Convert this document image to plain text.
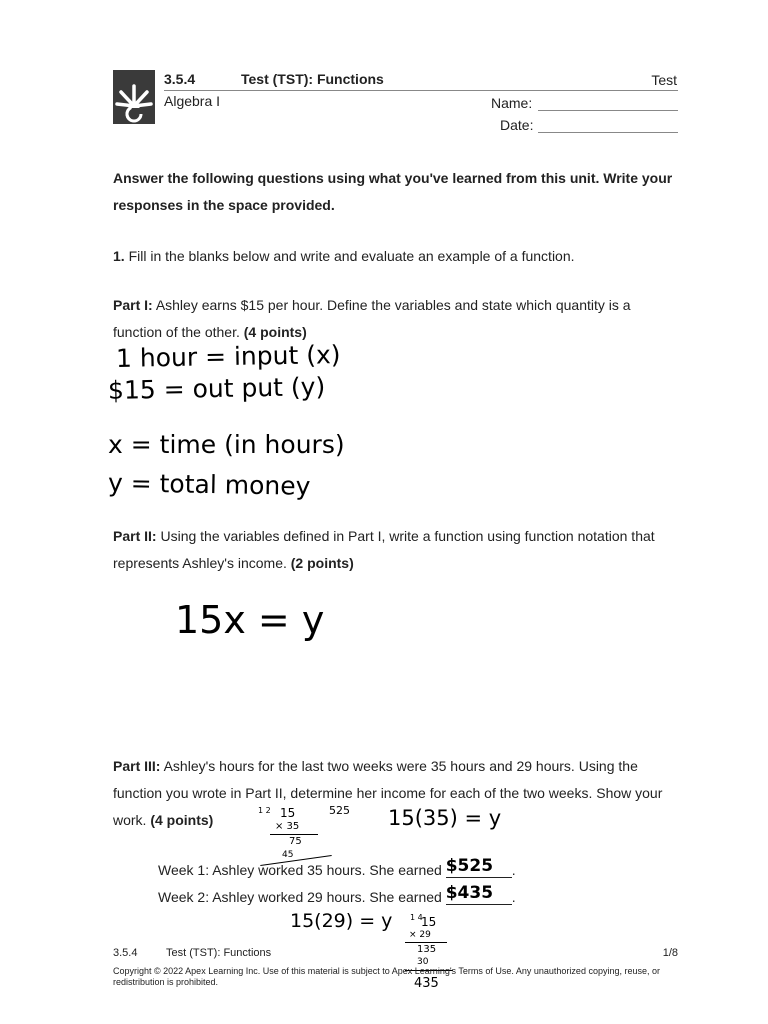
3.5.4	Test (TST): Functions	Test
Algebra I	Name:
Date:
Answer the following questions using what you've learned from this unit. Write your responses in the space provided.
1. Fill in the blanks below and write and evaluate an example of a function.
Part I: Ashley earns $15 per hour. Define the variables and state which quantity is a function of the other. (4 points)
1 hour = input (x)
$15 = out put (y)
x = time (in hours)
y = total money
Part II: Using the variables defined in Part I, write a function using function notation that represents Ashley's income. (2 points)
15x = y
Part III: Ashley's hours for the last two weeks were 35 hours and 29 hours. Using the function you wrote in Part II, determine her income for each of the two weeks. Show your work. (4 points)	15(35) = y
1 2 15	525
× 35
75
45
Week 1: Ashley worked 35 hours. She earned $525 .
Week 2: Ashley worked 29 hours. She earned $435 .
15(29) = y 1 4
15
× 29
135
30
435
3.5.4	Test (TST): Functions	1/8
Copyright © 2022 Apex Learning Inc. Use of this material is subject to Apex Learning's Terms of Use. Any unauthorized copying, reuse, or redistribution is prohibited.
